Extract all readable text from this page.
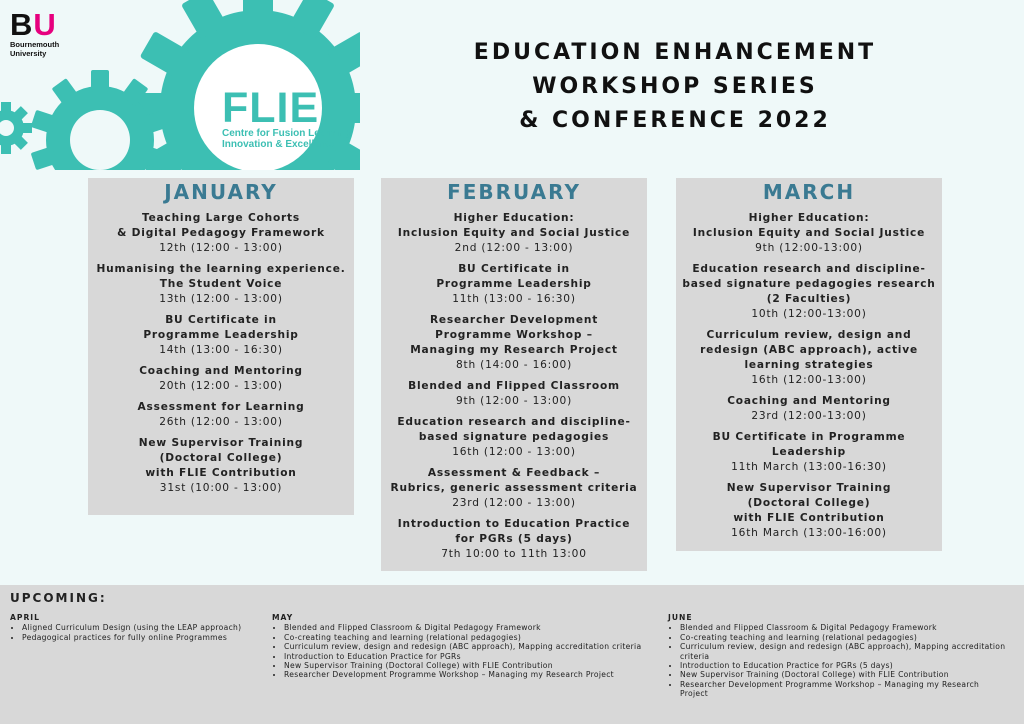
B U
Bournemouth
University
FLIE
Centre for Fusion Learning
Innovation & Excellence
EDUCATION ENHANCEMENT
WORKSHOP SERIES
& CONFERENCE 2022
JANUARY
Teaching Large Cohorts
& Digital Pedagogy Framework
12th (12:00 - 13:00)
Humanising the learning experience.
The Student Voice
13th (12:00 - 13:00)
BU Certificate in
Programme Leadership
14th (13:00 - 16:30)
Coaching and Mentoring
20th (12:00 - 13:00)
Assessment for Learning
26th (12:00 - 13:00)
New Supervisor Training
(Doctoral College)
with FLIE Contribution
31st (10:00 - 13:00)
FEBRUARY
Higher Education:
Inclusion Equity and Social Justice
2nd (12:00 - 13:00)
BU Certificate in
Programme Leadership
11th (13:00 - 16:30)
Researcher Development
Programme Workshop –
Managing my Research Project
8th (14:00 - 16:00)
Blended and Flipped Classroom
9th (12:00 - 13:00)
Education research and discipline-
based signature pedagogies
16th (12:00 - 13:00)
Assessment & Feedback –
Rubrics, generic assessment criteria
23rd (12:00 - 13:00)
Introduction to Education Practice
for PGRs (5 days)
7th 10:00 to 11th 13:00
MARCH
Higher Education:
Inclusion Equity and Social Justice
9th (12:00-13:00)
Education research and discipline-
based signature pedagogies research
(2 Faculties)
10th (12:00-13:00)
Curriculum review, design and
redesign (ABC approach), active
learning strategies
16th (12:00-13:00)
Coaching and Mentoring
23rd (12:00-13:00)
BU Certificate in Programme
Leadership
11th March (13:00-16:30)
New Supervisor Training
(Doctoral College)
with FLIE Contribution
16th March (13:00-16:00)
UPCOMING:
APRIL
• Aligned Curriculum Design (using the LEAP approach)
• Pedagogical practices for fully online Programmes
MAY
• Blended and Flipped Classroom & Digital Pedagogy Framework
• Co-creating teaching and learning (relational pedagogies)
• Curriculum review, design and redesign (ABC approach), Mapping accreditation criteria
• Introduction to Education Practice for PGRs
• New Supervisor Training (Doctoral College) with FLIE Contribution
• Researcher Development Programme Workshop – Managing my Research Project
JUNE
• Blended and Flipped Classroom & Digital Pedagogy Framework
• Co-creating teaching and learning (relational pedagogies)
• Curriculum review, design and redesign (ABC approach), Mapping accreditation criteria
• Introduction to Education Practice for PGRs (5 days)
• New Supervisor Training (Doctoral College) with FLIE Contribution
• Researcher Development Programme Workshop – Managing my Research Project
